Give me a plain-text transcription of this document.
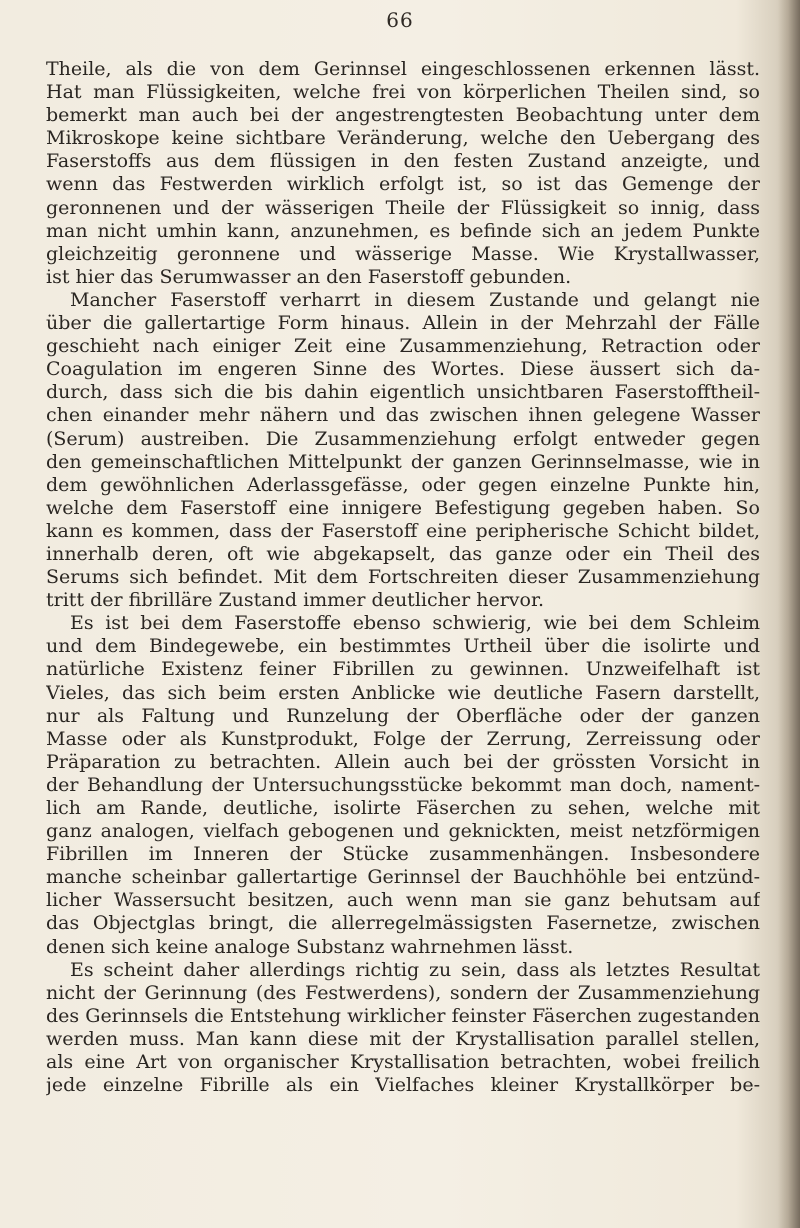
66
Theile, als die von dem Gerinnsel eingeschlossenen erkennen lässt.
Hat man Flüssigkeiten, welche frei von körperlichen Theilen sind, so
bemerkt man auch bei der angestrengtesten Beobachtung unter dem
Mikroskope keine sichtbare Veränderung, welche den Uebergang des
Faserstoffs aus dem flüssigen in den festen Zustand anzeigte, und
wenn das Festwerden wirklich erfolgt ist, so ist das Gemenge der
geronnenen und der wässerigen Theile der Flüssigkeit so innig, dass
man nicht umhin kann, anzunehmen, es befinde sich an jedem Punkte
gleichzeitig geronnene und wässerige Masse. Wie Krystallwasser,
ist hier das Serumwasser an den Faserstoff gebunden.
Mancher Faserstoff verharrt in diesem Zustande und gelangt nie
über die gallertartige Form hinaus. Allein in der Mehrzahl der Fälle
geschieht nach einiger Zeit eine Zusammenziehung, Retraction oder
Coagulation im engeren Sinne des Wortes. Diese äussert sich da-
durch, dass sich die bis dahin eigentlich unsichtbaren Faserstofftheil-
chen einander mehr nähern und das zwischen ihnen gelegene Wasser
(Serum) austreiben. Die Zusammenziehung erfolgt entweder gegen
den gemeinschaftlichen Mittelpunkt der ganzen Gerinnselmasse, wie in
dem gewöhnlichen Aderlassgefässe, oder gegen einzelne Punkte hin,
welche dem Faserstoff eine innigere Befestigung gegeben haben. So
kann es kommen, dass der Faserstoff eine peripherische Schicht bildet,
innerhalb deren, oft wie abgekapselt, das ganze oder ein Theil des
Serums sich befindet. Mit dem Fortschreiten dieser Zusammenziehung
tritt der fibrilläre Zustand immer deutlicher hervor.
Es ist bei dem Faserstoffe ebenso schwierig, wie bei dem Schleim
und dem Bindegewebe, ein bestimmtes Urtheil über die isolirte und
natürliche Existenz feiner Fibrillen zu gewinnen. Unzweifelhaft ist
Vieles, das sich beim ersten Anblicke wie deutliche Fasern darstellt,
nur als Faltung und Runzelung der Oberfläche oder der ganzen
Masse oder als Kunstprodukt, Folge der Zerrung, Zerreissung oder
Präparation zu betrachten. Allein auch bei der grössten Vorsicht in
der Behandlung der Untersuchungsstücke bekommt man doch, nament-
lich am Rande, deutliche, isolirte Fäserchen zu sehen, welche mit
ganz analogen, vielfach gebogenen und geknickten, meist netzförmigen
Fibrillen im Inneren der Stücke zusammenhängen. Insbesondere
manche scheinbar gallertartige Gerinnsel der Bauchhöhle bei entzünd-
licher Wassersucht besitzen, auch wenn man sie ganz behutsam auf
das Objectglas bringt, die allerregelmässigsten Fasernetze, zwischen
denen sich keine analoge Substanz wahrnehmen lässt.
Es scheint daher allerdings richtig zu sein, dass als letztes Resultat
nicht der Gerinnung (des Festwerdens), sondern der Zusammenziehung
des Gerinnsels die Entstehung wirklicher feinster Fäserchen zugestanden
werden muss. Man kann diese mit der Krystallisation parallel stellen,
als eine Art von organischer Krystallisation betrachten, wobei freilich
jede einzelne Fibrille als ein Vielfaches kleiner Krystallkörper be-
